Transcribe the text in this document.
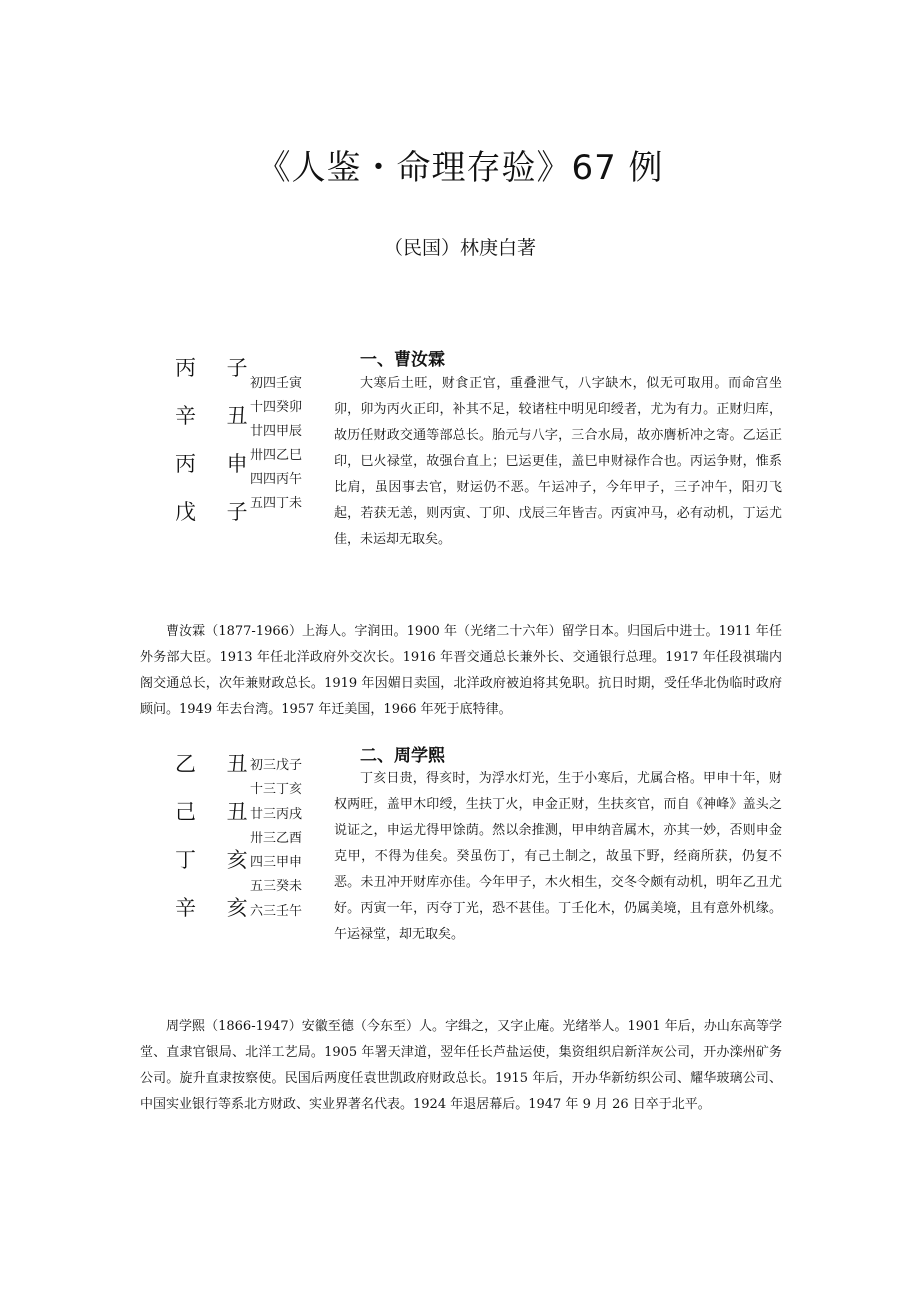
《人鉴・命理存验》67 例
（民国）林庚白著
丙 子
辛 丑
丙 申
戊 子
初四壬寅
十四癸卯
廿四甲辰
卅四乙巳
四四丙午
五四丁未
一、曹汝霖
大寒后土旺，财食正官，重叠泄气，八字缺木，似无可取用。而命宫坐卯，卯为丙火正印，补其不足，较诸柱中明见印绶者，尤为有力。正财归库，故历任财政交通等部总长。胎元与八字，三合水局，故亦膺析冲之寄。乙运正印，巳火禄堂，故强台直上；巳运更佳，盖巳申财禄作合也。丙运争财，惟系比肩，虽因事去官，财运仍不恶。午运冲子，今年甲子，三子冲午，阳刃飞起，若获无恙，则丙寅、丁卯、戊辰三年皆吉。丙寅冲马，必有动机，丁运尤佳，未运却无取矣。
曹汝霖（1877-1966）上海人。字润田。1900 年（光绪二十六年）留学日本。归国后中进士。1911 年任外务部大臣。1913 年任北洋政府外交次长。1916 年晋交通总长兼外长、交通银行总理。1917 年任段祺瑞内阁交通总长，次年兼财政总长。1919 年因媚日卖国，北洋政府被迫将其免职。抗日时期，受任华北伪临时政府顾问。1949 年去台湾。1957 年迁美国，1966 年死于底特律。
乙 丑
己 丑
丁 亥
辛 亥
初三戊子
十三丁亥
廿三丙戌
卅三乙酉
四三甲申
五三癸未
六三壬午
二、周学熙
丁亥日贵，得亥时，为浮水灯光，生于小寒后，尤属合格。甲申十年，财权两旺，盖甲木印绶，生扶丁火，申金正财，生扶亥官，而自《神峰》盖头之说证之，申运尤得甲馀荫。然以余推测，甲申纳音属木，亦其一妙，否则申金克甲，不得为佳矣。癸虽伤丁，有己土制之，故虽下野，经商所获，仍复不恶。未丑冲开财库亦佳。今年甲子，木火相生，交冬令颇有动机，明年乙丑尤好。丙寅一年，丙夺丁光，恐不甚佳。丁壬化木，仍属美境，且有意外机缘。午运禄堂，却无取矣。
周学熙（1866-1947）安徽至德（今东至）人。字缉之，又字止庵。光绪举人。1901 年后，办山东高等学堂、直隶官银局、北洋工艺局。1905 年署天津道，翌年任长芦盐运使，集资组织启新洋灰公司，开办滦州矿务公司。旋升直隶按察使。民国后两度任袁世凯政府财政总长。1915 年后，开办华新纺织公司、耀华玻璃公司、中国实业银行等系北方财政、实业界著名代表。1924 年退居幕后。1947 年 9 月 26 日卒于北平。
